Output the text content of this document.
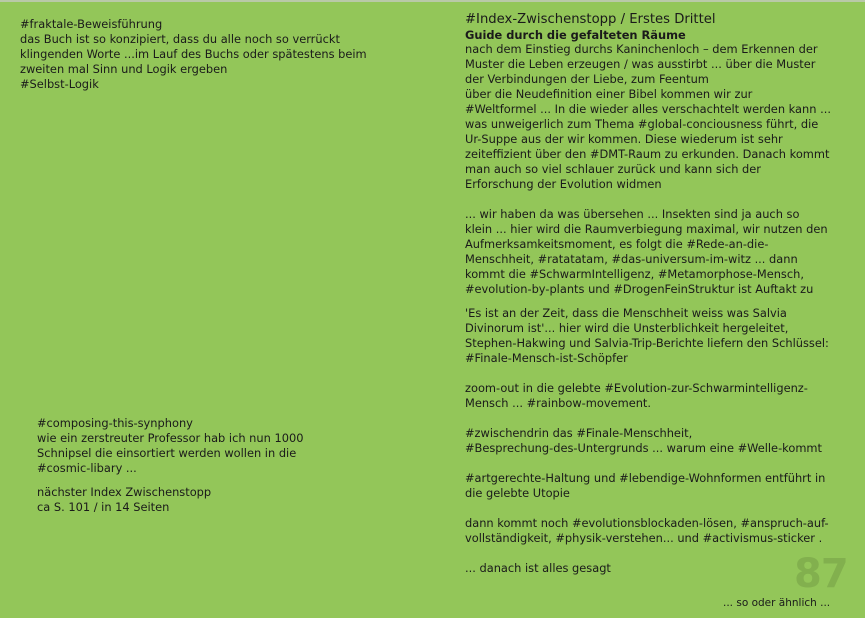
#fraktale-Beweisführung

das Buch ist so konzipiert, dass du alle noch so verrückt

klingenden Worte ...im Lauf des Buchs oder spätestens beim

zweiten mal Sinn und Logik ergeben

#Selbst-Logik

#composing-this-synphony

wie ein zerstreuter Professor hab ich nun 1000

Schnipsel die einsortiert werden wollen in die

#cosmic-libary ...

nächster Index Zwischenstopp

ca S. 101 / in 14 Seiten

#Index-Zwischenstopp / Erstes Drittel

Guide durch die gefalteten Räume

nach dem Einstieg durchs Kaninchenloch – dem Erkennen der

Muster die Leben erzeugen / was ausstirbt ... über die Muster

der Verbindungen der Liebe, zum Feentum

über die Neudefinition einer Bibel kommen wir zur

#Weltformel ... In die wieder alles verschachtelt werden kann ...

was unweigerlich zum Thema #global-conciousness führt, die

Ur-Suppe aus der wir kommen. Diese wiederum ist sehr

zeiteffizient über den #DMT-Raum zu erkunden. Danach kommt

man auch so viel schlauer zurück und kann sich der

Erforschung der Evolution widmen

... wir haben da was übersehen ... Insekten sind ja auch so

klein ... hier wird die Raumverbiegung maximal, wir nutzen den

Aufmerksamkeitsmoment, es folgt die #Rede-an-die-

Menschheit, #ratatatam, #das-universum-im-witz ... dann

kommt die #SchwarmIntelligenz, #Metamorphose-Mensch,

#evolution-by-plants und #DrogenFeinStruktur ist Auftakt zu

'Es ist an der Zeit, dass die Menschheit weiss was Salvia

Divinorum ist'... hier wird die Unsterblichkeit hergeleitet,

Stephen-Hakwing und Salvia-Trip-Berichte liefern den Schlüssel:

#Finale-Mensch-ist-Schöpfer

zoom-out in die gelebte #Evolution-zur-Schwarmintelligenz-

Mensch ... #rainbow-movement.

#zwischendrin das #Finale-Menschheit,

#Besprechung-des-Untergrunds ... warum eine #Welle-kommt

#artgerechte-Haltung und #lebendige-Wohnformen entführt in

die gelebte Utopie

dann kommt noch #evolutionsblockaden-lösen, #anspruch-auf-

vollständigkeit, #physik-verstehen... und #activismus-sticker .

... danach ist alles gesagt	87
... so oder ähnlich ...
